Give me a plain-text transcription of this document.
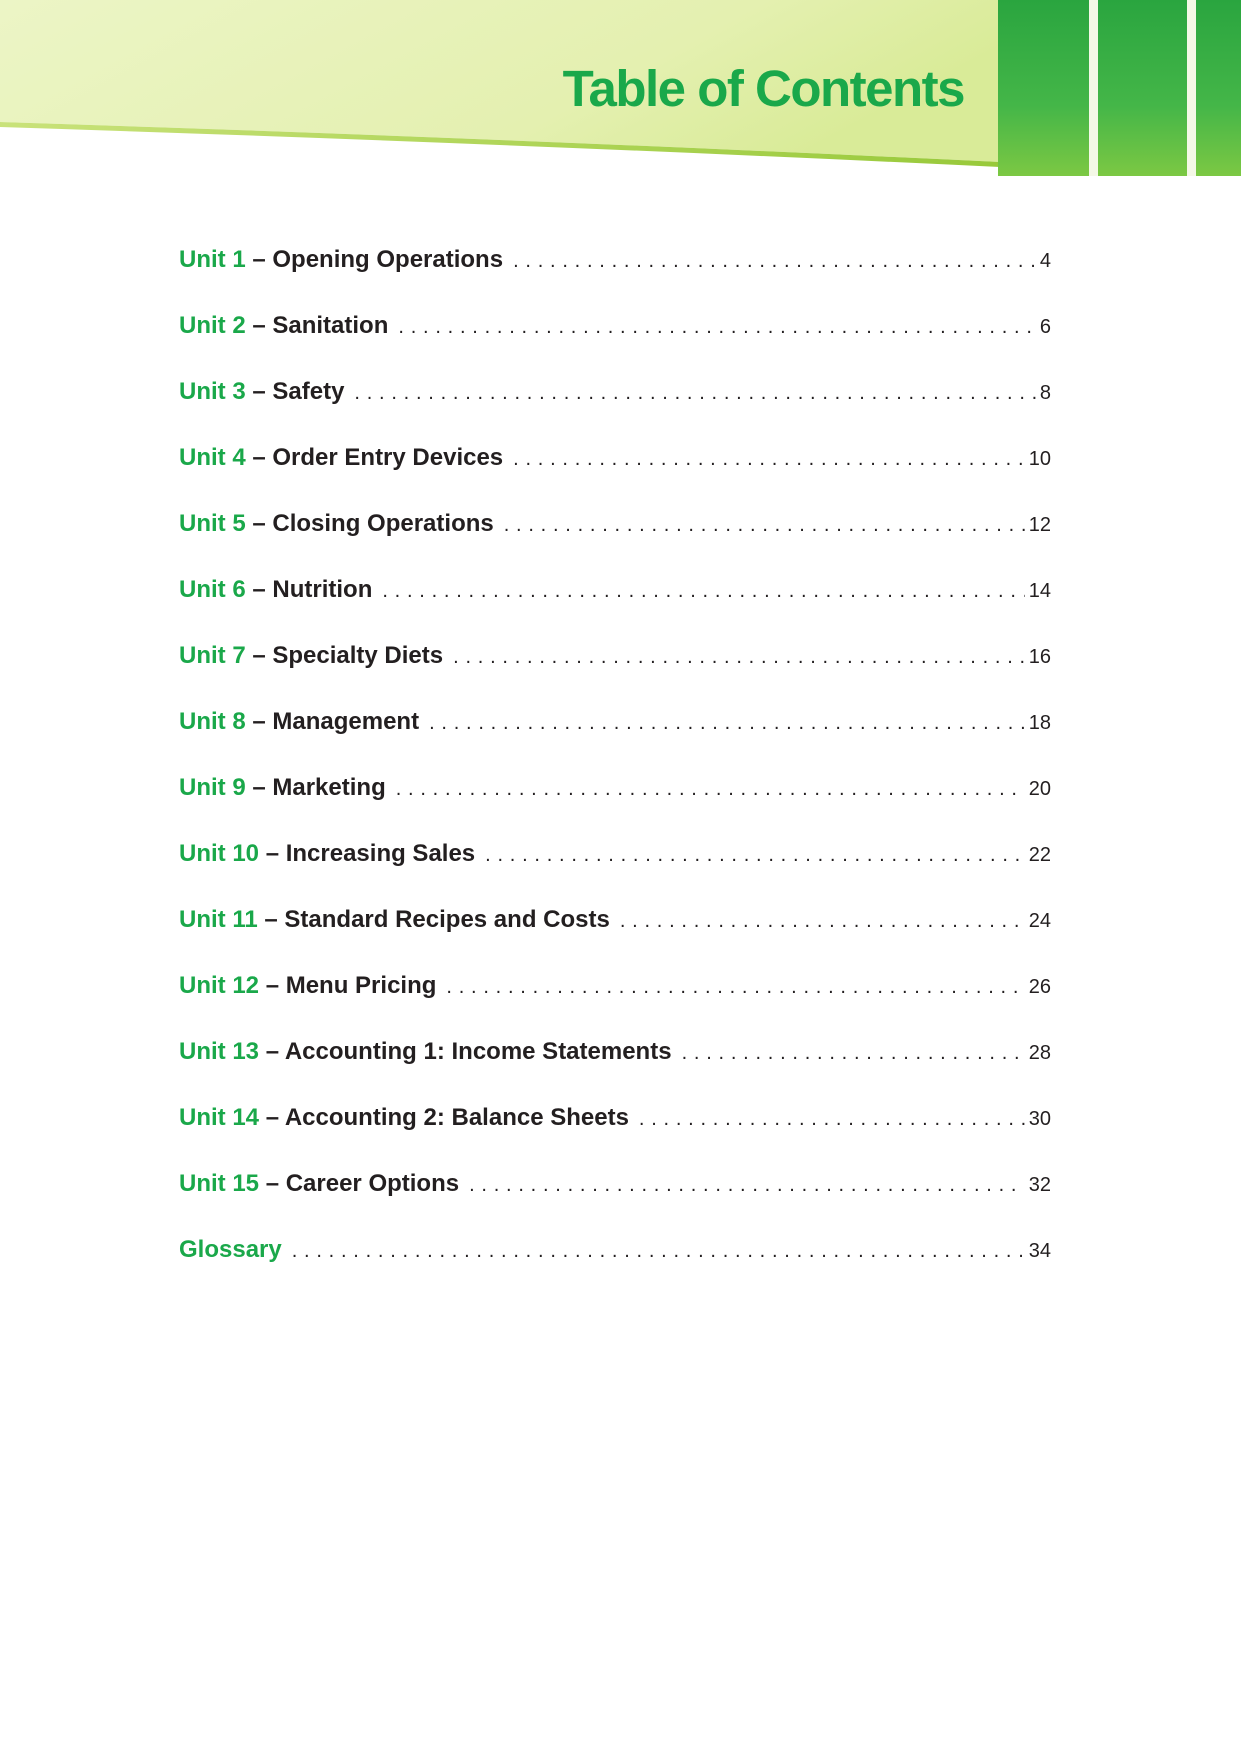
Table of Contents
Unit 1 – Opening Operations . . .	4
Unit 2 – Sanitation . . .	6
Unit 3 – Safety . . .	8
Unit 4 – Order Entry Devices . . .	10
Unit 5 – Closing Operations . . .	12
Unit 6 – Nutrition . . .	14
Unit 7 – Specialty Diets . . .	16
Unit 8 – Management . . .	18
Unit 9 – Marketing . . .	20
Unit 10 – Increasing Sales . . .	22
Unit 11 – Standard Recipes and Costs . . .	24
Unit 12 – Menu Pricing . . .	26
Unit 13 – Accounting 1: Income Statements . . .	28
Unit 14 – Accounting 2: Balance Sheets . . .	30
Unit 15 – Career Options . . .	32
Glossary . . .	34
